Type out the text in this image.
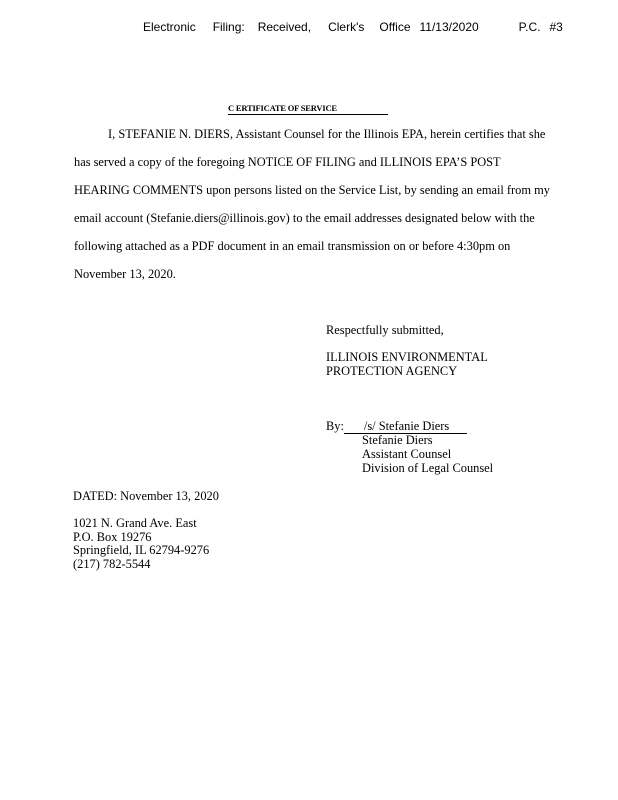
Electronic Filing: Received, Clerk's Office 11/13/2020	P.C. #3
C ERTIFICATE OF SERVICE
I, STEFANIE N. DIERS, Assistant Counsel for the Illinois EPA, herein certifies that she
has served a copy of the foregoing NOTICE OF FILING and ILLINOIS EPA’S POST
HEARING COMMENTS upon persons listed on the Service List, by sending an email from my
email account (Stefanie.diers@illinois.gov) to the email addresses designated below with the
following attached as a PDF document in an email transmission on or before 4:30pm on
November 13, 2020.
Respectfully submitted,
ILLINOIS ENVIRONMENTAL
PROTECTION AGENCY
By: /s/ Stefanie Diers
Stefanie Diers
Assistant Counsel
Division of Legal Counsel
DATED: November 13, 2020
1021 N. Grand Ave. East
P.O. Box 19276
Springfield, IL 62794-9276
(217) 782-5544
